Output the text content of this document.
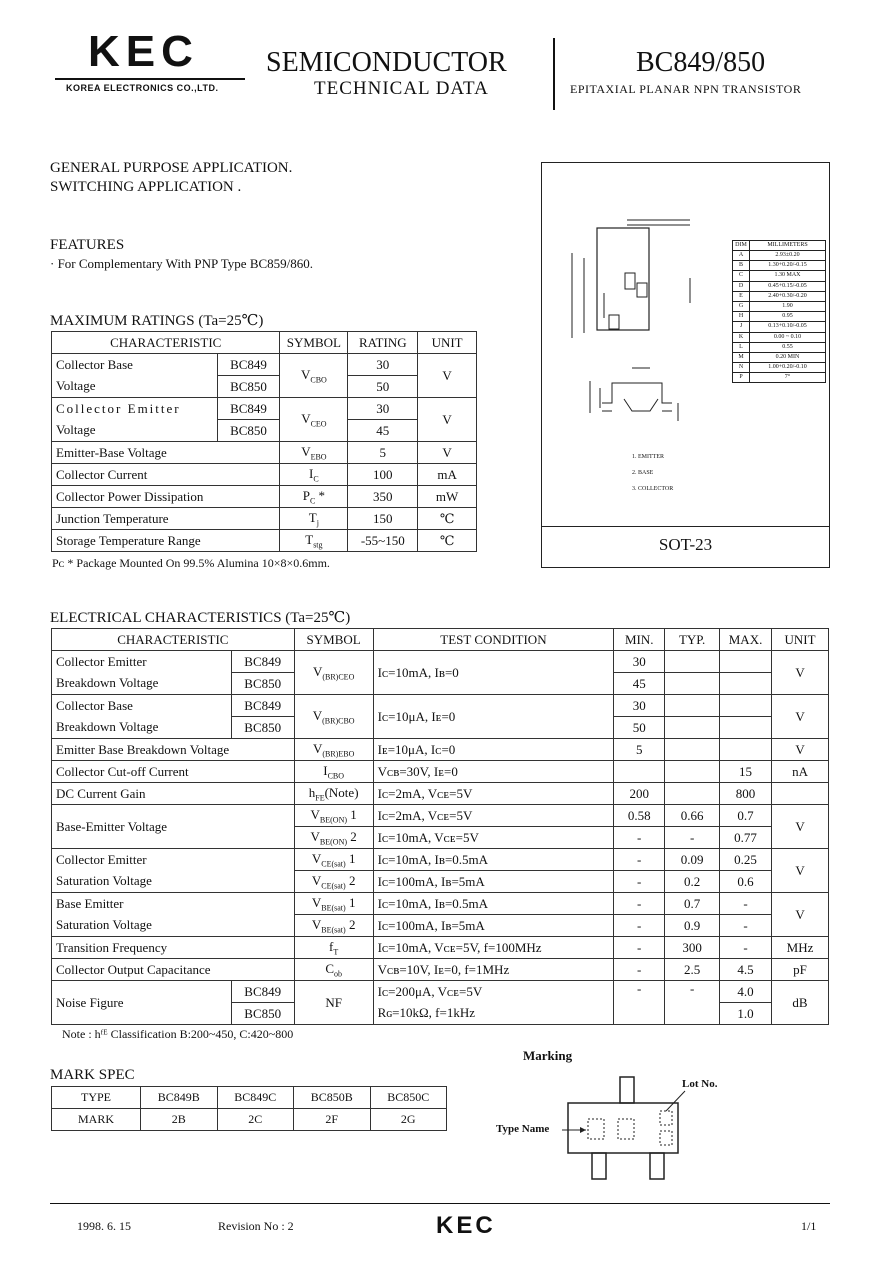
KEC
KOREA ELECTRONICS CO.,LTD.
SEMICONDUCTOR
TECHNICAL DATA
BC849/850
EPITAXIAL PLANAR NPN TRANSISTOR
GENERAL PURPOSE APPLICATION.
SWITCHING APPLICATION .
FEATURES
· For Complementary With PNP Type BC859/860.
MAXIMUM RATINGS (Ta=25℃)
CHARACTERISTIC		SYMBOL	RATING	UNIT
Collector Base	BC849	$V_{CBO}$	30	V
Voltage	BC850		50	
Collector Emitter	BC849	$V_{CEO}$	30	V
Voltage	BC850		45	
Emitter-Base Voltage		$V_{EBO}$	5	V
Collector Current		$I_C$	100	mA
Collector Power Dissipation		$P_C$ *	350	mW
Junction Temperature		$T_j$	150	℃
Storage Temperature Range		$T_{stg}$	-55~150	℃
Pᴄ * Package Mounted On 99.5% Alumina 10×8×0.6mm.
DIM	MILLIMETERS
A	2.93±0.20
B	1.30+0.20/-0.15
C	1.30 MAX
D	0.45+0.15/-0.05
E	2.40+0.30/-0.20
G	1.90
H	0.95
J	0.13+0.10/-0.05
K	0.00 ~ 0.10
L	0.55
M	0.20 MIN
N	1.00+0.20/-0.10
P	7°
1. EMITTER
2. BASE
3. COLLECTOR
SOT-23
ELECTRICAL CHARACTERISTICS (Ta=25℃)
CHARACTERISTIC		SYMBOL	TEST CONDITION	MIN.	TYP.	MAX.	UNIT
Collector Emitter	BC849	$V_{(BR)CEO}$	Iᴄ=10mA, Iʙ=0	30			V
Breakdown Voltage	BC850			45			
Collector Base	BC849	$V_{(BR)CBO}$	Iᴄ=10μA, Iᴇ=0	30			V
Breakdown Voltage	BC850			50			
Emitter Base Breakdown Voltage		$V_{(BR)EBO}$	Iᴇ=10μA, Iᴄ=0	5			V
Collector Cut-off Current		$I_{CBO}$	Vᴄʙ=30V, Iᴇ=0			15	nA
DC Current Gain		$h_{FE}(Note)$	Iᴄ=2mA, Vᴄᴇ=5V	200		800	
Base-Emitter Voltage		$V_{BE(ON)}$ 1	Iᴄ=2mA, Vᴄᴇ=5V	0.58	0.66	0.7	V
		$V_{BE(ON)}$ 2	Iᴄ=10mA, Vᴄᴇ=5V	-	-	0.77	
Collector Emitter		$V_{CE(sat)}$ 1	Iᴄ=10mA, Iʙ=0.5mA	-	0.09	0.25	V
Saturation Voltage		$V_{CE(sat)}$ 2	Iᴄ=100mA, Iʙ=5mA	-	0.2	0.6	
Base Emitter		$V_{BE(sat)}$ 1	Iᴄ=10mA, Iʙ=0.5mA	-	0.7	-	V
Saturation Voltage		$V_{BE(sat)}$ 2	Iᴄ=100mA, Iʙ=5mA	-	0.9	-	
Transition Frequency		$f_T$	Iᴄ=10mA, Vᴄᴇ=5V, f=100MHz	-	300	-	MHz
Collector Output Capacitance		$C_{ob}$	Vᴄʙ=10V, Iᴇ=0, f=1MHz	-	2.5	4.5	pF
Noise Figure	BC849	NF	Iᴄ=200μA, Vᴄᴇ=5V	-	-	4.0	dB
	BC850		Rɢ=10kΩ, f=1kHz			1.0	
Note : hᶠᴱ Classification B:200~450, C:420~800
MARK SPEC
TYPE	BC849B	BC849C	BC850B	BC850C
MARK	2B	2C	2F	2G
Marking
Lot No.
Type Name
1998. 6. 15	Revision No : 2	KEC	1/1
